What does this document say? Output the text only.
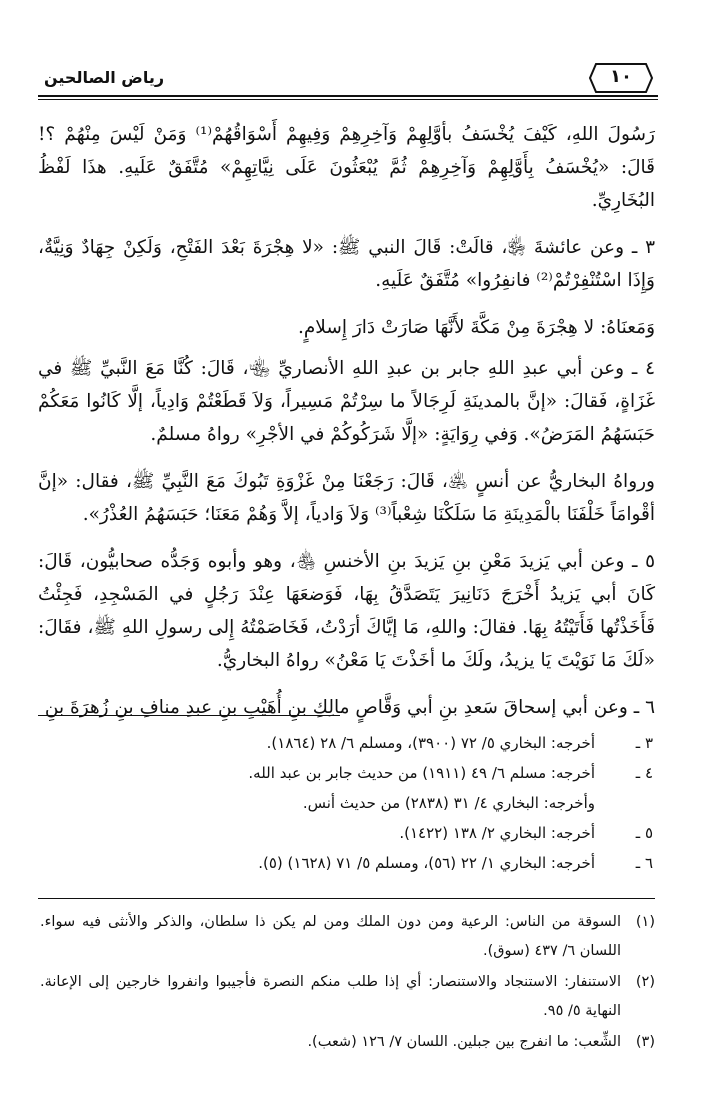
١٠
رياض الصالحين

رَسُولَ اللهِ، كَيْفَ يُخْسَفُ بأوَّلِهِمْ وَآخِرِهِمْ وَفِيهِمْ أَسْوَاقُهُمْ⁽¹⁾ وَمَنْ لَيْسَ مِنْهُمْ ؟! قَالَ: «يُخْسَفُ بِأَوَّلِهِمْ وَآخِرِهِمْ ثُمَّ يُبْعَثُونَ عَلَى نِيَّاتِهِمْ» مُتَّفَقٌ عَلَيهِ. هذَا لَفْظُ البُخَارِيِّ.

٣ ـ وعن عائشةَ ﵂، قالَتْ: قَالَ النبي ﷺ: «لا هِجْرَةَ بَعْدَ الفَتْحِ، وَلَكِنْ جِهَادٌ وَنِيَّةٌ، وَإِذَا اسْتُنْفِرْتُمْ⁽²⁾ فانفِرُوا» مُتَّفَقٌ عَلَيهِ.

وَمَعنَاهُ: لا هِجْرَةَ مِنْ مَكَّةَ لأَنَّهَا صَارَتْ دَارَ إِسلامٍ.

٤ ـ وعن أبي عبدِ اللهِ جابر بن عبدِ اللهِ الأنصاريِّ ﵄، قَالَ: كُنَّا مَعَ النَّبيِّ ﷺ في غَزَاةٍ، فَقالَ: «إنَّ بالمدينَةِ لَرِجَالاً ما سِرْتُمْ مَسِيراً، وَلاَ قَطَعْتُمْ وَادِياً، إلَّا كَانُوا مَعَكُمْ حَبَسَهُمُ المَرَضُ». وَفي رِوَايَةٍ: «إلَّا شَرَكُوكُمْ في الأجْرِ» رواهُ مسلمٌ.

ورواهُ البخاريُّ عن أنسٍ ﵁، قَالَ: رَجَعْنَا مِنْ غَزْوَةِ تَبُوكَ مَعَ النَّبِيِّ ﷺ، فقال: «إنَّ أقْوامَاً خَلْفَنَا بالْمَدِينَةِ مَا سَلَكْنَا شِعْباً⁽³⁾ وَلاَ وَادياً، إلاَّ وَهُمْ مَعَنَا؛ حَبَسَهُمُ العُذْرُ».

٥ ـ وعن أبي يَزيدَ مَعْنِ بنِ يَزيدَ بنِ الأخنسِ ﵃، وهو وأبوه وَجَدُّه صحابيُّون، قَالَ: كَانَ أبي يَزيدُ أَخْرَجَ دَنَانِيرَ يَتَصَدَّقُ بِهَا، فَوَضعَهَا عِنْدَ رَجُلٍ في المَسْجِدِ، فَجِئْتُ فَأَخَذْتُها فَأَتَيْتُهُ بِهَا. فقالَ: واللهِ، مَا إيَّاكَ أرَدْتُ، فَخَاصَمْتُهُ إِلى رسولِ اللهِ ﷺ، فقَالَ: «لَكَ مَا نَوَيْتَ يَا يزيدُ، ولَكَ ما أخَذْتَ يَا مَعْنُ» رواهُ البخاريُّ.

٦ ـ وعن أبي إسحاقَ سَعدِ بنِ أبي وَقَّاصٍ مالِكِ بنِ أُهَيْبِ بنِ عبدِ منافِ بنِ زُهرَةَ بنِ

٣ ـ
أخرجه: البخاري ٥/ ٧٢ (٣٩٠٠)، ومسلم ٦/ ٢٨ (١٨٦٤).
٤ ـ
أخرجه: مسلم ٦/ ٤٩ (١٩١١) من حديث جابر بن عبد الله.
وأخرجه: البخاري ٤/ ٣١ (٢٨٣٨) من حديث أنس.
٥ ـ
أخرجه: البخاري ٢/ ١٣٨ (١٤٢٢).
٦ ـ
أخرجه: البخاري ١/ ٢٢ (٥٦)، ومسلم ٥/ ٧١ (١٦٢٨) (٥).
(١)
السوقة من الناس: الرعية ومن دون الملك ومن لم يكن ذا سلطان، والذكر والأنثى فيه سواء. اللسان ٦/ ٤٣٧ (سوق).
(٢)
الاستنفار: الاستنجاد والاستنصار: أي إذا طلب منكم النصرة فأجيبوا وانفروا خارجين إلى الإعانة. النهاية ٥/ ٩٥.
(٣)
الشِّعب: ما انفرج بين جبلين. اللسان ٧/ ١٢٦ (شعب).
